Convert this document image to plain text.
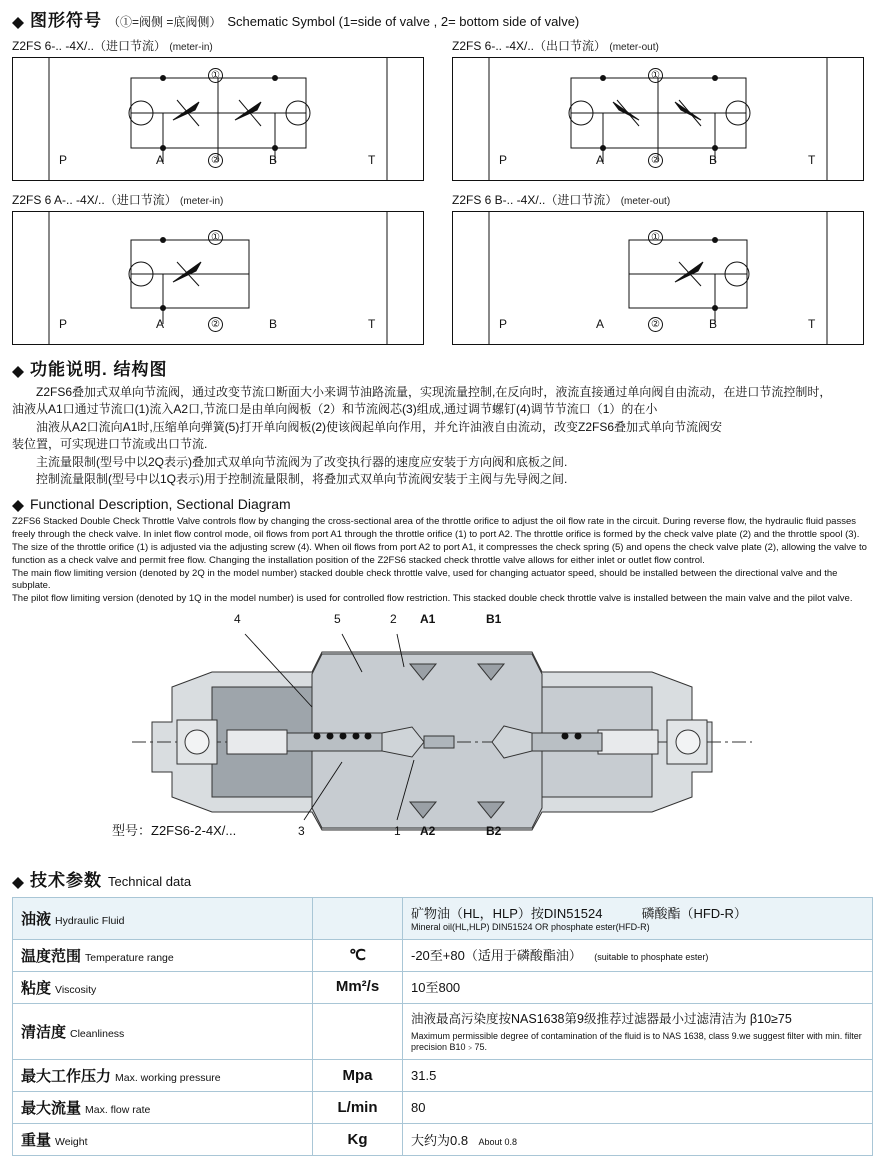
图形符号 （①=阀侧 =底阀侧） Schematic Symbol (1=side of valve , 2= bottom side of valve)
Z2FS 6-.. -4X/..（进口节流） (meter-in)
①
②
P	A	B	T
Z2FS 6-.. -4X/..（出口节流） (meter-out)
①
②
P	A	B	T
Z2FS 6 A-.. -4X/..（进口节流） (meter-in)
①
②
P	A	B	T
Z2FS 6 B-.. -4X/..（进口节流） (meter-out)
①
②
P	A	B	T
功能说明. 结构图

　　Z2FS6叠加式双单向节流阀，通过改变节流口断面大小来调节油路流量，实现流量控制,在反向时，液流直接通过单向阀自由流动，在进口节流控制时，

油液从A1口通过节流口(1)流入A2口,节流口是由单向阀板（2）和节流阀芯(3)组成,通过调节螺钉(4)调节节流口（1）的在小

　　油液从A2口流向A1时,压缩单向弹簧(5)打开单向阀板(2)使该阀起单向作用，并允许油液自由流动，改变Z2FS6叠加式单向节流阀安

装位置，可实现进口节流或出口节流.

　　主流量限制(型号中以2Q表示)叠加式双单向节流阀为了改变执行器的速度应安装于方向阀和底板之间.

　　控制流量限制(型号中以1Q表示)用于控制流量限制，将叠加式双单向节流阀安装于主阀与先导阀之间.

Functional Description, Sectional Diagram

Z2FS6 Stacked Double Check Throttle Valve controls flow by changing the cross-sectional area of the throttle orifice to adjust the oil flow rate in the circuit. During reverse flow, the hydraulic fluid passes

freely through the check valve. In inlet flow control mode, oil flows from port A1 through the throttle orifice (1) to port A2. The throttle orifice is formed by the check valve plate (2) and the throttle spool (3).

The size of the throttle orifice (1) is adjusted via the adjusting screw (4). When oil flows from port A2 to port A1, it compresses the check spring (5) and opens the check valve plate (2), allowing the valve to

function as a check valve and permit free flow. Changing the installation position of the Z2FS6 stacked check throttle valve allows for either inlet or outlet flow control.

The main flow limiting version (denoted by 2Q in the model number) stacked double check throttle valve, used for changing actuator speed, should be installed between the directional valve and the subplate.

The pilot flow limiting version (denoted by 1Q in the model number) is used for controlled flow restriction. This stacked double check throttle valve is installed between the main valve and the pilot valve.

4	5	2 A1	B1
3	1 A2	B2
型号：Z2FS6-2-4X/...
技术参数 Technical data
油液 Hydraulic Fluid		矿物油（HL，HLP）按DIN51524　　　磷酸酯（HFD-R）
Mineral oil(HL,HLP) DIN51524 OR phosphate ester(HFD-R)

温度范围 Temperature range	℃	-20至+80（适用于磷酸酯油） (suitable to phosphate ester)
粘度 Viscosity	Mm²/s	10至800
清洁度 Cleanliness		油液最高污染度按NAS1638第9级推荐过滤器最小过滤清洁为 β10≥75
Maximum permissible degree of contamination of the fluid is to NAS 1638, class 9.we suggest filter with min. filter precision B10﹥75.

最大工作压力 Max. working pressure	Mpa	31.5
最大流量 Max. flow rate	L/min	80
重量 Weight	Kg	大约为0.8 About 0.8
